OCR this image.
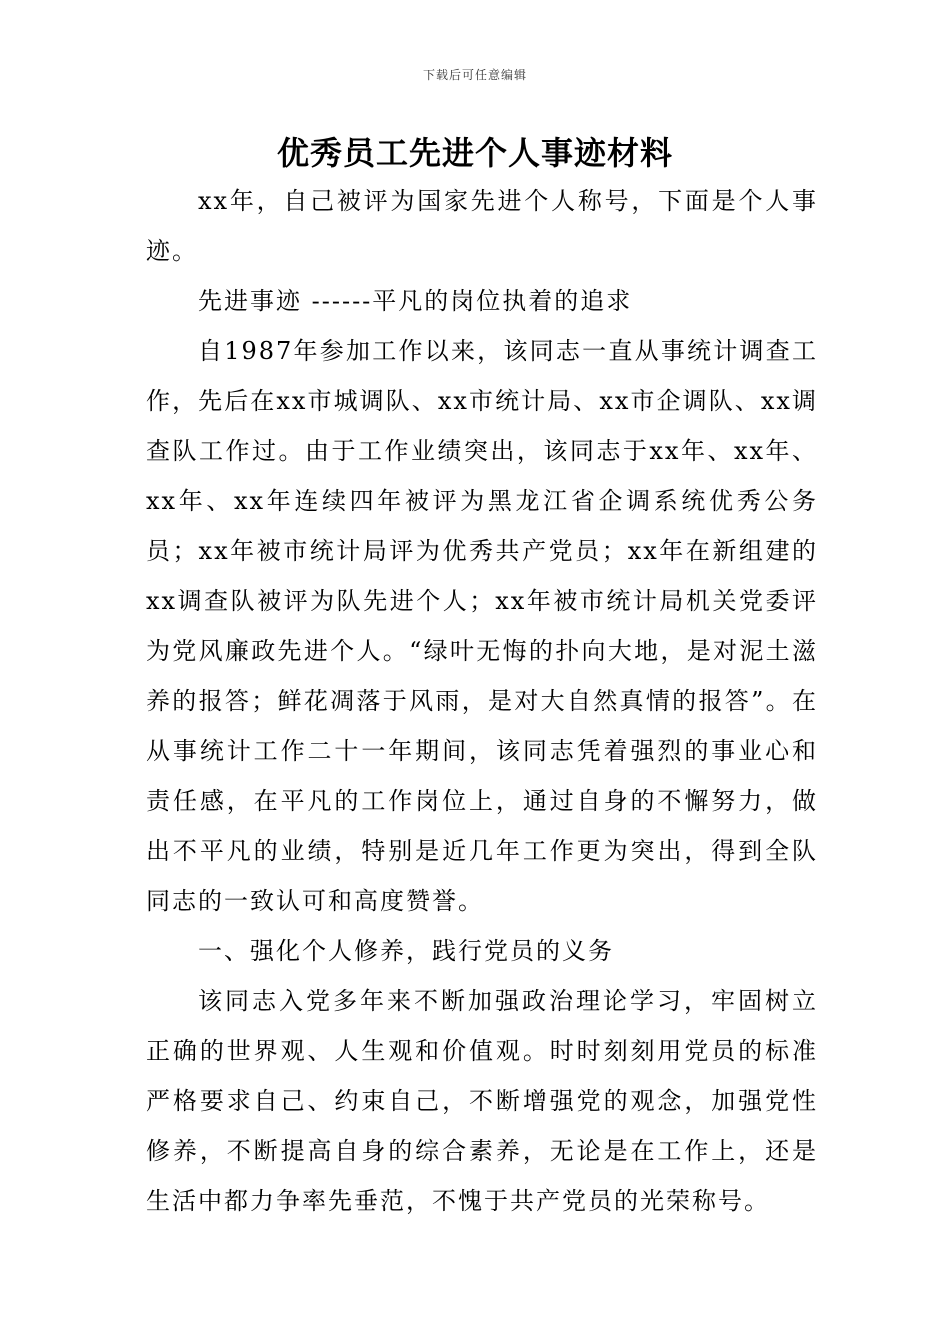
下载后可任意编辑
优秀员工先进个人事迹材料

xx年，自己被评为国家先进个人称号，下面是个人事迹。

先进事迹 ------平凡的岗位执着的追求

自1987年参加工作以来，该同志一直从事统计调查工作，先后在xx市城调队、xx市统计局、xx市企调队、xx调查队工作过。由于工作业绩突出，该同志于xx年、xx年、xx年、xx年连续四年被评为黑龙江省企调系统优秀公务员；xx年被市统计局评为优秀共产党员；xx年在新组建的xx调查队被评为队先进个人；xx年被市统计局机关党委评为党风廉政先进个人。“绿叶无悔的扑向大地，是对泥土滋养的报答；鲜花凋落于风雨，是对大自然真情的报答”。在从事统计工作二十一年期间，该同志凭着强烈的事业心和责任感，在平凡的工作岗位上，通过自身的不懈努力，做出不平凡的业绩，特别是近几年工作更为突出，得到全队同志的一致认可和高度赞誉。

一、强化个人修养，践行党员的义务

该同志入党多年来不断加强政治理论学习，牢固树立正确的世界观、人生观和价值观。时时刻刻用党员的标准严格要求自己、约束自己，不断增强党的观念，加强党性修养，不断提高自身的综合素养，无论是在工作上，还是生活中都力争率先垂范，不愧于共产党员的光荣称号。
